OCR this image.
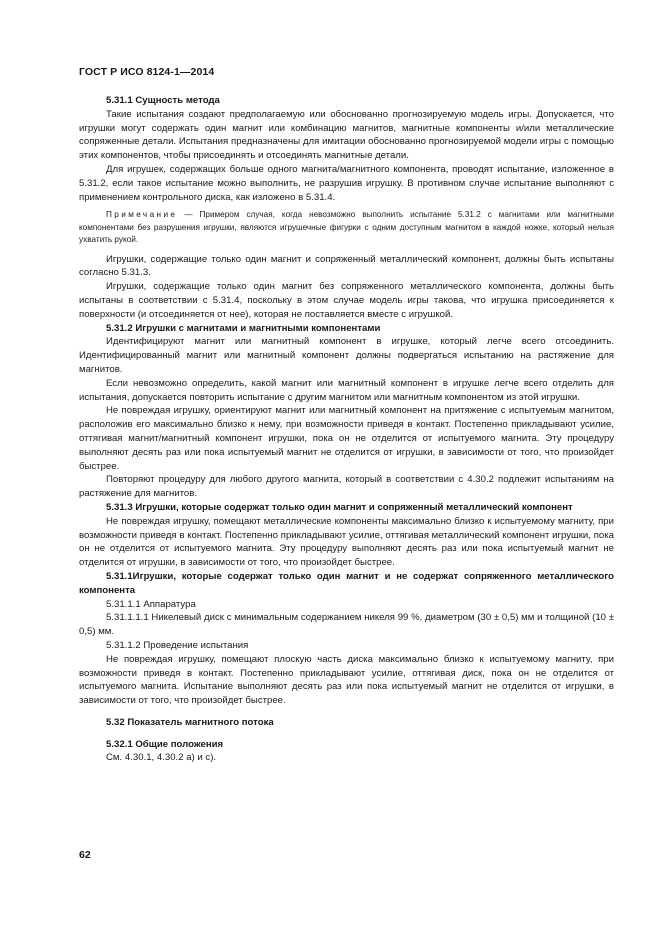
ГОСТ Р ИСО 8124-1—2014

5.31.1 Сущность метода

Такие испытания создают предполагаемую или обоснованно прогнозируемую модель игры. Допускается, что игрушки могут содержать один магнит или комбинацию магнитов, магнитные компоненты и/или металлические сопряженные детали. Испытания предназначены для имитации обоснованно прогнозируемой модели игры с помощью этих компонентов, чтобы присоединять и отсоединять магнитные детали.

Для игрушек, содержащих больше одного магнита/магнитного компонента, проводят испытание, изложенное в 5.31.2, если такое испытание можно выполнить, не разрушив игрушку. В противном случае испытание выполняют с применением контрольного диска, как изложено в 5.31.4.

Примечание — Примером случая, когда невозможно выполнить испытание 5.31.2 с магнитами или магнитными компонентами без разрушения игрушки, являются игрушечные фигурки с одним доступным магнитом в каждой ножке, который нельзя ухватить рукой.

Игрушки, содержащие только один магнит и сопряженный металлический компонент, должны быть испытаны согласно 5.31.3.

Игрушки, содержащие только один магнит без сопряженного металлического компонента, должны быть испытаны в соответствии с 5.31.4, поскольку в этом случае модель игры такова, что игрушка присоединяется к поверхности (и отсоединяется от нее), которая не поставляется вместе с игрушкой.

5.31.2 Игрушки с магнитами и магнитными компонентами

Идентифицируют магнит или магнитный компонент в игрушке, который легче всего отсоединить. Идентифицированный магнит или магнитный компонент должны подвергаться испытанию на растяжение для магнитов.

Если невозможно определить, какой магнит или магнитный компонент в игрушке легче всего отделить для испытания, допускается повторить испытание с другим магнитом или магнитным компонентом из этой игрушки.

Не повреждая игрушку, ориентируют магнит или магнитный компонент на притяжение с испытуемым магнитом, расположив его максимально близко к нему, при возможности приведя в контакт. Постепенно прикладывают усилие, оттягивая магнит/магнитный компонент игрушки, пока он не отделится от испытуемого магнита. Эту процедуру выполняют десять раз или пока испытуемый магнит не отделится от игрушки, в зависимости от того, что произойдет быстрее.

Повторяют процедуру для любого другого магнита, который в соответствии с 4.30.2 подлежит испытаниям на растяжение для магнитов.

5.31.3 Игрушки, которые содержат только один магнит и сопряженный металлический компонент

Не повреждая игрушку, помещают металлические компоненты максимально близко к испытуемому магниту, при возможности приведя в контакт. Постепенно прикладывают усилие, оттягивая металлический компонент игрушки, пока он не отделится от испытуемого магнита. Эту процедуру выполняют десять раз или пока испытуемый магнит не отделится от игрушки, в зависимости от того, что произойдет быстрее.

5.31.1Игрушки, которые содержат только один магнит и не содержат сопряженного металлического компонента

5.31.1.1 Аппаратура

5.31.1.1.1 Никелевый диск с минимальным содержанием никеля 99 %, диаметром (30 ± 0,5) мм и толщиной (10 ± 0,5) мм.

5.31.1.2 Проведение испытания

Не повреждая игрушку, помещают плоскую часть диска максимально близко к испытуемому магниту, при возможности приведя в контакт. Постепенно прикладывают усилие, оттягивая диск, пока он не отделится от испытуемого магнита. Испытание выполняют десять раз или пока испытуемый магнит не отделится от игрушки, в зависимости от того, что произойдет быстрее.

5.32 Показатель магнитного потока

5.32.1 Общие положения

См. 4.30.1, 4.30.2 а) и с).

62
